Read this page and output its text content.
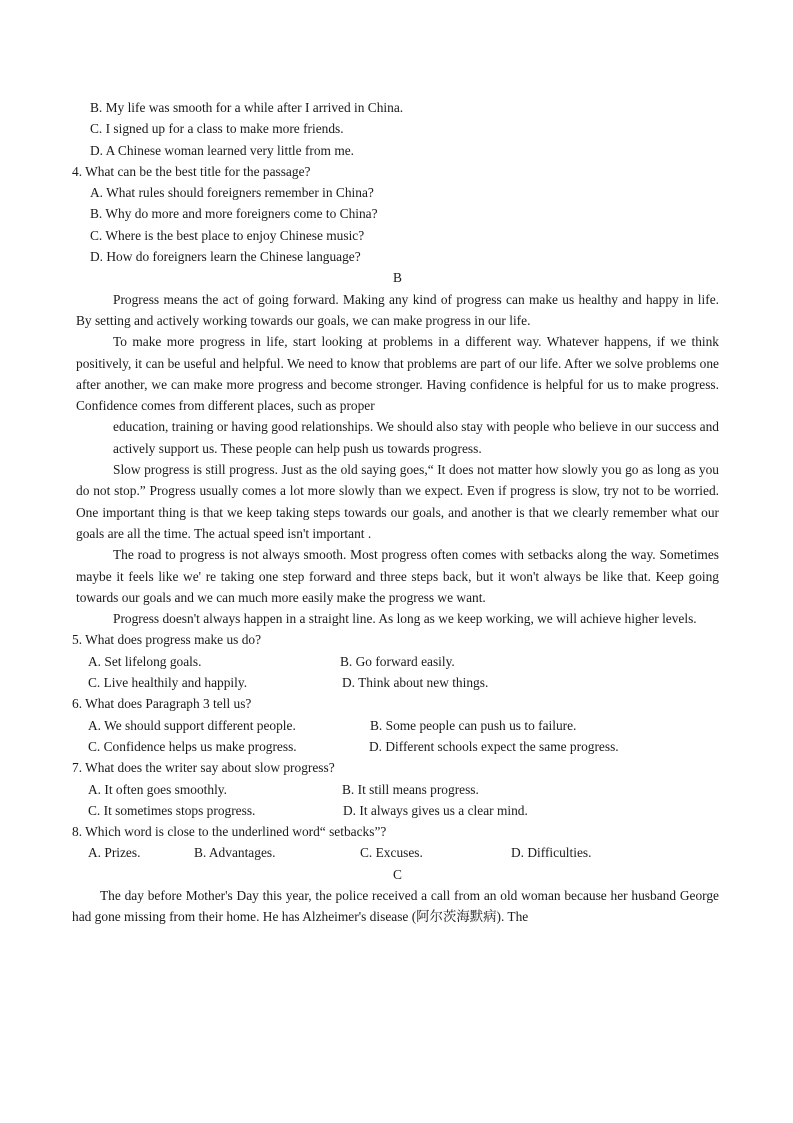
B. My life was smooth for a while after I arrived in China.
C. I signed up for a class to make more friends.
D. A Chinese woman learned very little from me.
4. What can be the best title for the passage?
A. What rules should foreigners remember in China?
B. Why do more and more foreigners come to China?
C. Where is the best place to enjoy Chinese music?
D. How do foreigners learn the Chinese language?
B
Progress means the act of going forward. Making any kind of progress can make us healthy and happy in life. By setting and actively working towards our goals, we can make progress in our life.
To make more progress in life, start looking at problems in a different way. Whatever happens, if we think positively, it can be useful and helpful. We need to know that problems are part of our life. After we solve problems one after another, we can make more progress and become stronger. Having confidence is helpful for us to make progress. Confidence comes from different places, such as proper
education, training or having good relationships. We should also stay with people who believe in our success and actively support us. These people can help push us towards progress.
Slow progress is still progress. Just as the old saying goes,“ It does not matter how slowly you go as long as you do not stop.” Progress usually comes a lot more slowly than we expect. Even if progress is slow, try not to be worried. One important thing is that we keep taking steps towards our goals, and another is that we clearly remember what our goals are all the time. The actual speed isn't important .
The road to progress is not always smooth. Most progress often comes with setbacks along the way. Sometimes maybe it feels like we' re taking one step forward and three steps back, but it won't always be like that. Keep going towards our goals and we can much more easily make the progress we want.
Progress doesn't always happen in a straight line. As long as we keep working, we will achieve higher levels.
5. What does progress make us do?
A. Set lifelong goals.	B. Go forward easily.
C. Live healthily and happily.	D. Think about new things.
6. What does Paragraph 3 tell us?
A. We should support different people.	B. Some people can push us to failure.
C. Confidence helps us make progress.	D. Different schools expect the same progress.
7. What does the writer say about slow progress?
A. It often goes smoothly.	B. It still means progress.
C. It sometimes stops progress.	D. It always gives us a clear mind.
8. Which word is close to the underlined word“ setbacks”?
A. Prizes.	B. Advantages.	C. Excuses.	D. Difficulties.
C
The day before Mother's Day this year, the police received a call from an old woman because her husband George had gone missing from their home. He has Alzheimer's disease (阿尔茨海默病). The
